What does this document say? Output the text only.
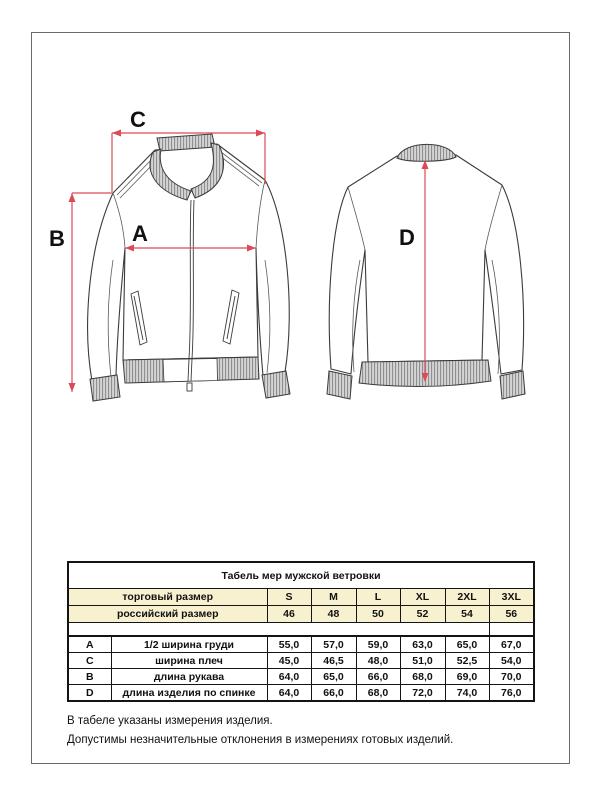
C
B	A	D
Табель мер мужской ветровки						
торговый размер	S	M	L	XL	2XL	3XL
российский размер	46	48	50	52	54	56

A	1/2 ширина груди	55,0	57,0	59,0	63,0	65,0	67,0
C	ширина плеч	45,0	46,5	48,0	51,0	52,5	54,0
B	длина рукава	64,0	65,0	66,0	68,0	69,0	70,0
D	длина изделия по спинке	64,0	66,0	68,0	72,0	74,0	76,0
В табеле указаны измерения изделия.
Допустимы незначительные отклонения в измерениях готовых изделий.
